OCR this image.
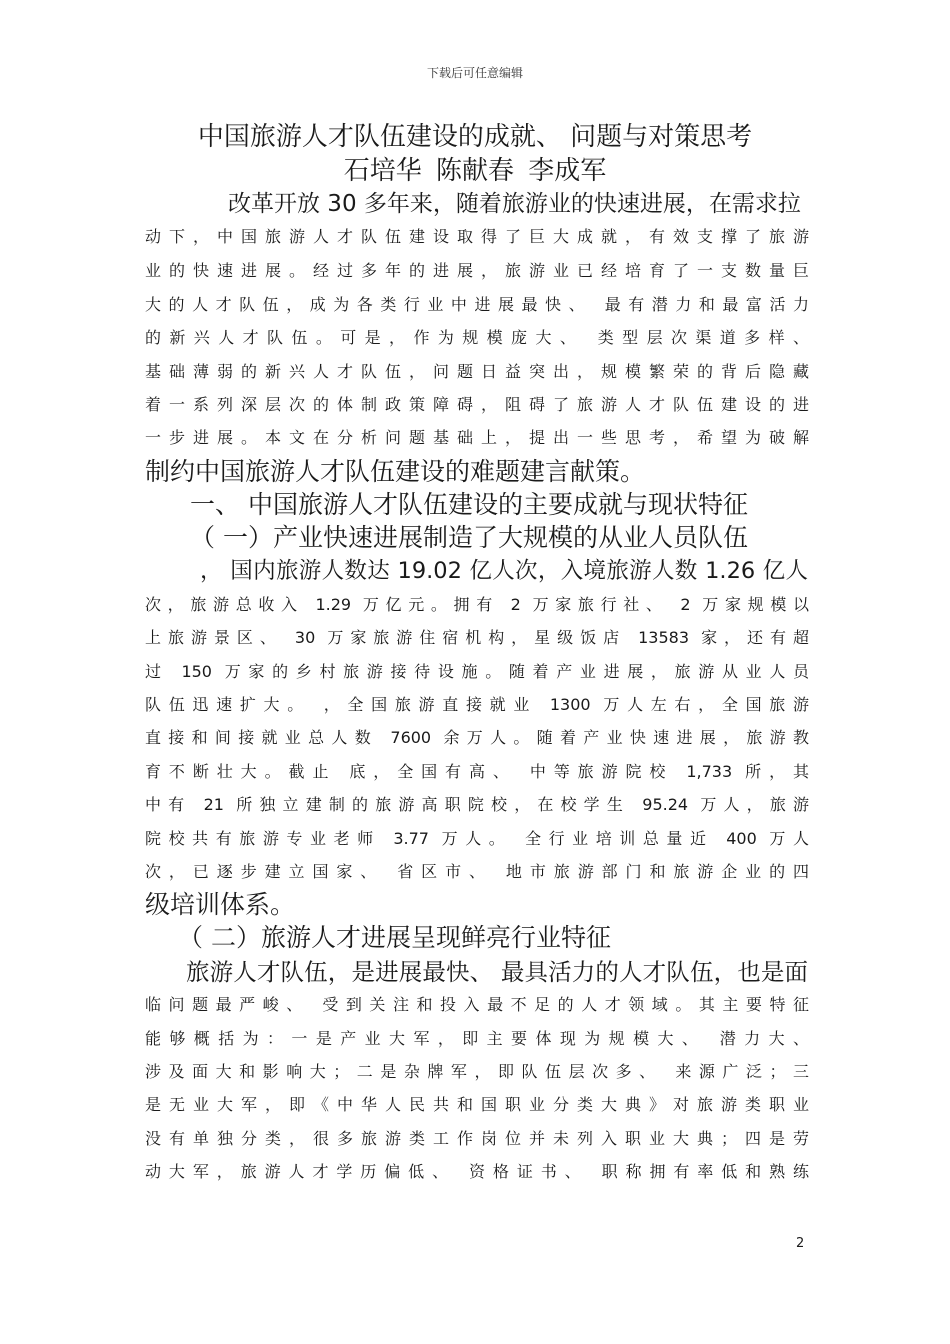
下载后可任意编辑
中国旅游人才队伍建设的成就、 问题与对策思考
石培华 陈献春 李成军
改革开放 30 多年来，随着旅游业的快速进展，在需求拉
动下，中国旅游人才队伍建设取得了巨大成就，有效支撑了旅游
业的快速进展。经过多年的进展，旅游业已经培育了一支数量巨
大的人才队伍，成为各类行业中进展最快、 最有潜力和最富活力
的新兴人才队伍。可是，作为规模庞大、 类型层次渠道多样、
基础薄弱的新兴人才队伍，问题日益突出，规模繁荣的背后隐藏
着一系列深层次的体制政策障碍，阻碍了旅游人才队伍建设的进
一步进展。本文在分析问题基础上，提出一些思考，希望为破解
制约中国旅游人才队伍建设的难题建言献策。
一、 中国旅游人才队伍建设的主要成就与现状特征
（ 一）产业快速进展制造了大规模的从业人员队伍
， 国内旅游人数达 19.02 亿人次，入境旅游人数 1.26 亿人
次，旅游总收入 1.29 万亿元。拥有 2 万家旅行社、 2 万家规模以
上旅游景区、 30 万家旅游住宿机构，星级饭店 13583 家，还有超
过 150 万家的乡村旅游接待设施。随着产业进展，旅游从业人员
队伍迅速扩大。 ，全国旅游直接就业 1300 万人左右，全国旅游
直接和间接就业总人数 7600 余万人。随着产业快速进展，旅游教
育不断壮大。截止 底，全国有高、 中等旅游院校 1,733 所，其
中有 21 所独立建制的旅游高职院校，在校学生 95.24 万人，旅游
院校共有旅游专业老师 3.77 万人。 全行业培训总量近 400 万人
次，已逐步建立国家、 省区市、 地市旅游部门和旅游企业的四
级培训体系。
（ 二）旅游人才进展呈现鲜亮行业特征
旅游人才队伍，是进展最快、 最具活力的人才队伍，也是面
临问题最严峻、 受到关注和投入最不足的人才领域。其主要特征
能够概括为：一是产业大军，即主要体现为规模大、 潜力大、
涉及面大和影响大；二是杂牌军，即队伍层次多、 来源广泛；三
是无业大军，即《中华人民共和国职业分类大典》对旅游类职业
没有单独分类，很多旅游类工作岗位并未列入职业大典；四是劳
动大军，旅游人才学历偏低、 资格证书、 职称拥有率低和熟练
2
